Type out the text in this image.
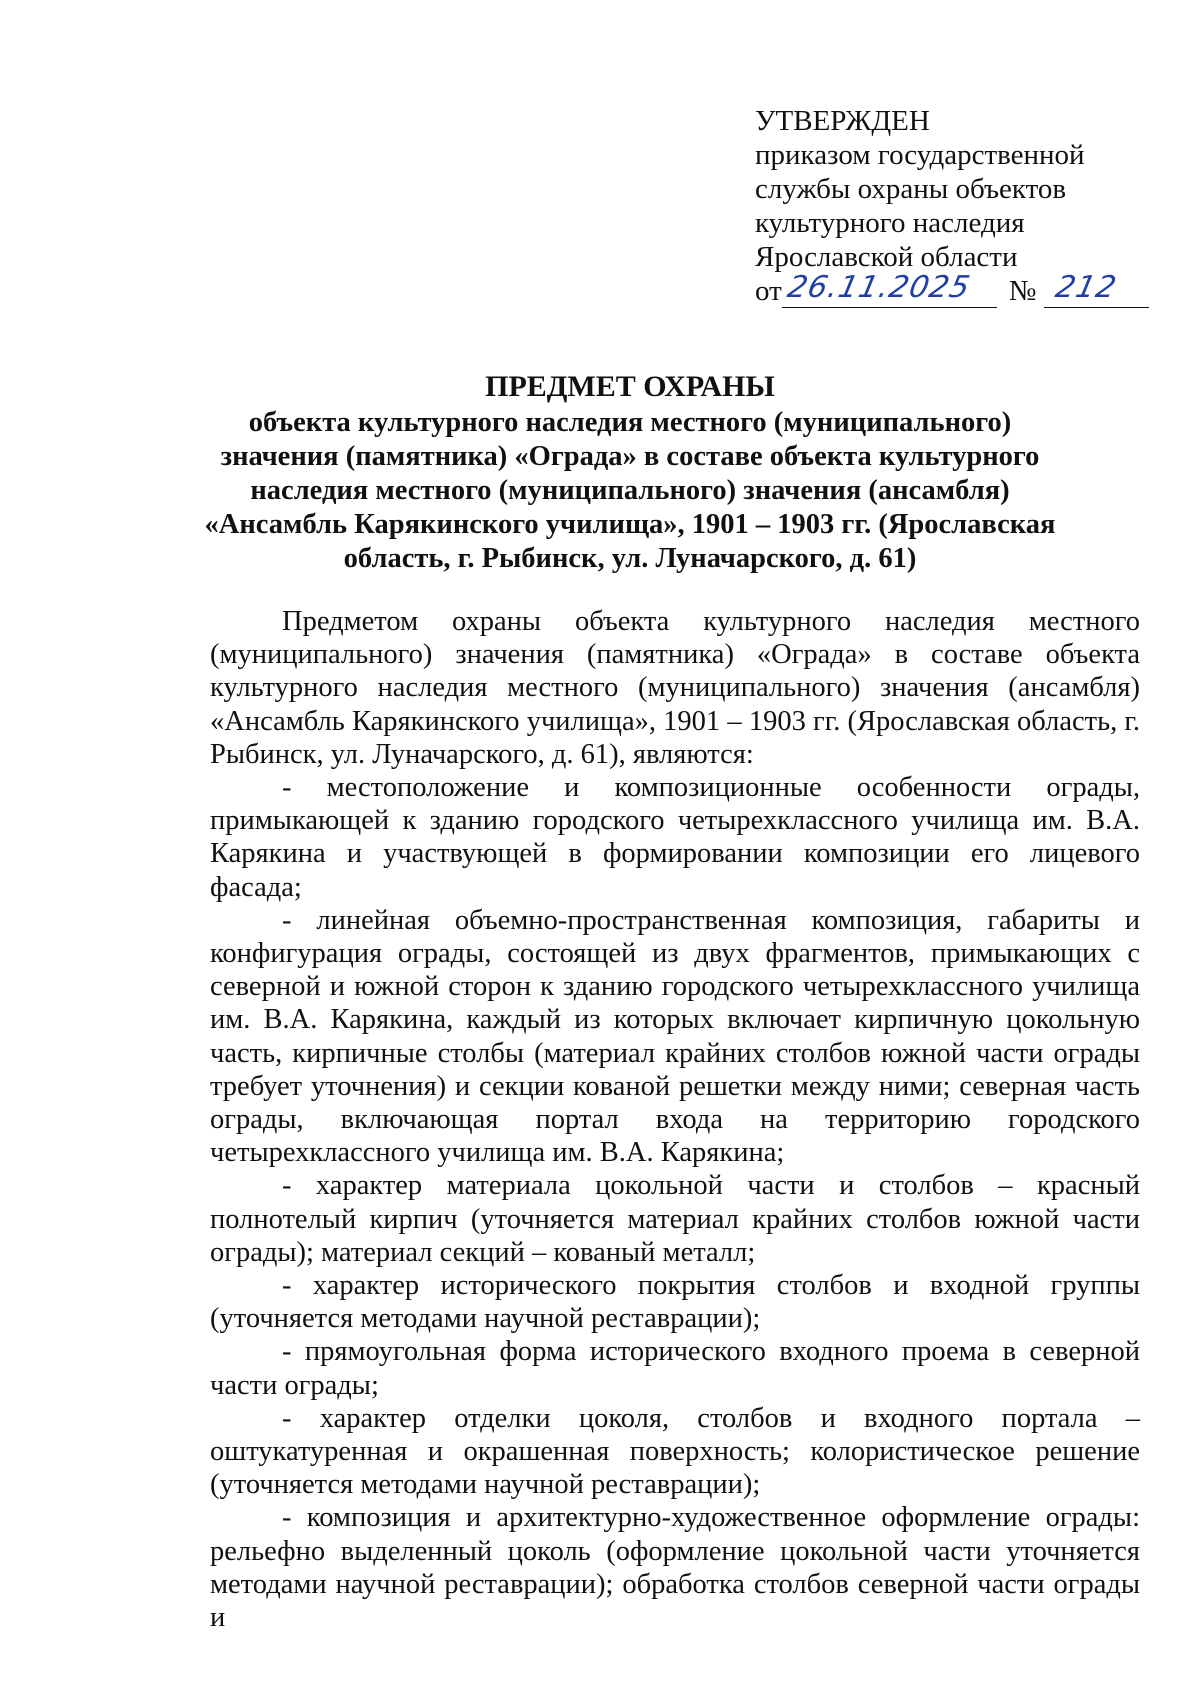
УТВЕРЖДЕН
приказом государственной
службы охраны объектов
культурного наследия
Ярославской области
от 26.11.2025 № 212
ПРЕДМЕТ ОХРАНЫ
объекта культурного наследия местного (муниципального) значения (памятника) «Ограда» в составе объекта культурного наследия местного (муниципального) значения (ансамбля) «Ансамбль Карякинского училища», 1901 – 1903 гг. (Ярославская область, г. Рыбинск, ул. Луначарского, д. 61)

Предметом охраны объекта культурного наследия местного (муниципального) значения (памятника) «Ограда» в составе объекта культурного наследия местного (муниципального) значения (ансамбля) «Ансамбль Карякинского училища», 1901 – 1903 гг. (Ярославская область, г. Рыбинск, ул. Луначарского, д. 61), являются:

- местоположение и композиционные особенности ограды, примыкающей к зданию городского четырехклассного училища им. В.А. Карякина и участвующей в формировании композиции его лицевого фасада;

- линейная объемно-пространственная композиция, габариты и конфигурация ограды, состоящей из двух фрагментов, примыкающих с северной и южной сторон к зданию городского четырехклассного училища им. В.А. Карякина, каждый из которых включает кирпичную цокольную часть, кирпичные столбы (материал крайних столбов южной части ограды требует уточнения) и секции кованой решетки между ними; северная часть ограды, включающая портал входа на территорию городского четырехклассного училища им. В.А. Карякина;

- характер материала цокольной части и столбов – красный полнотелый кирпич (уточняется материал крайних столбов южной части ограды); материал секций – кованый металл;

- характер исторического покрытия столбов и входной группы (уточняется методами научной реставрации);

- прямоугольная форма исторического входного проема в северной части ограды;

- характер отделки цоколя, столбов и входного портала – оштукатуренная и окрашенная поверхность; колористическое решение (уточняется методами научной реставрации);

- композиция и архитектурно-художественное оформление ограды: рельефно выделенный цоколь (оформление цокольной части уточняется методами научной реставрации); обработка столбов северной части ограды и
